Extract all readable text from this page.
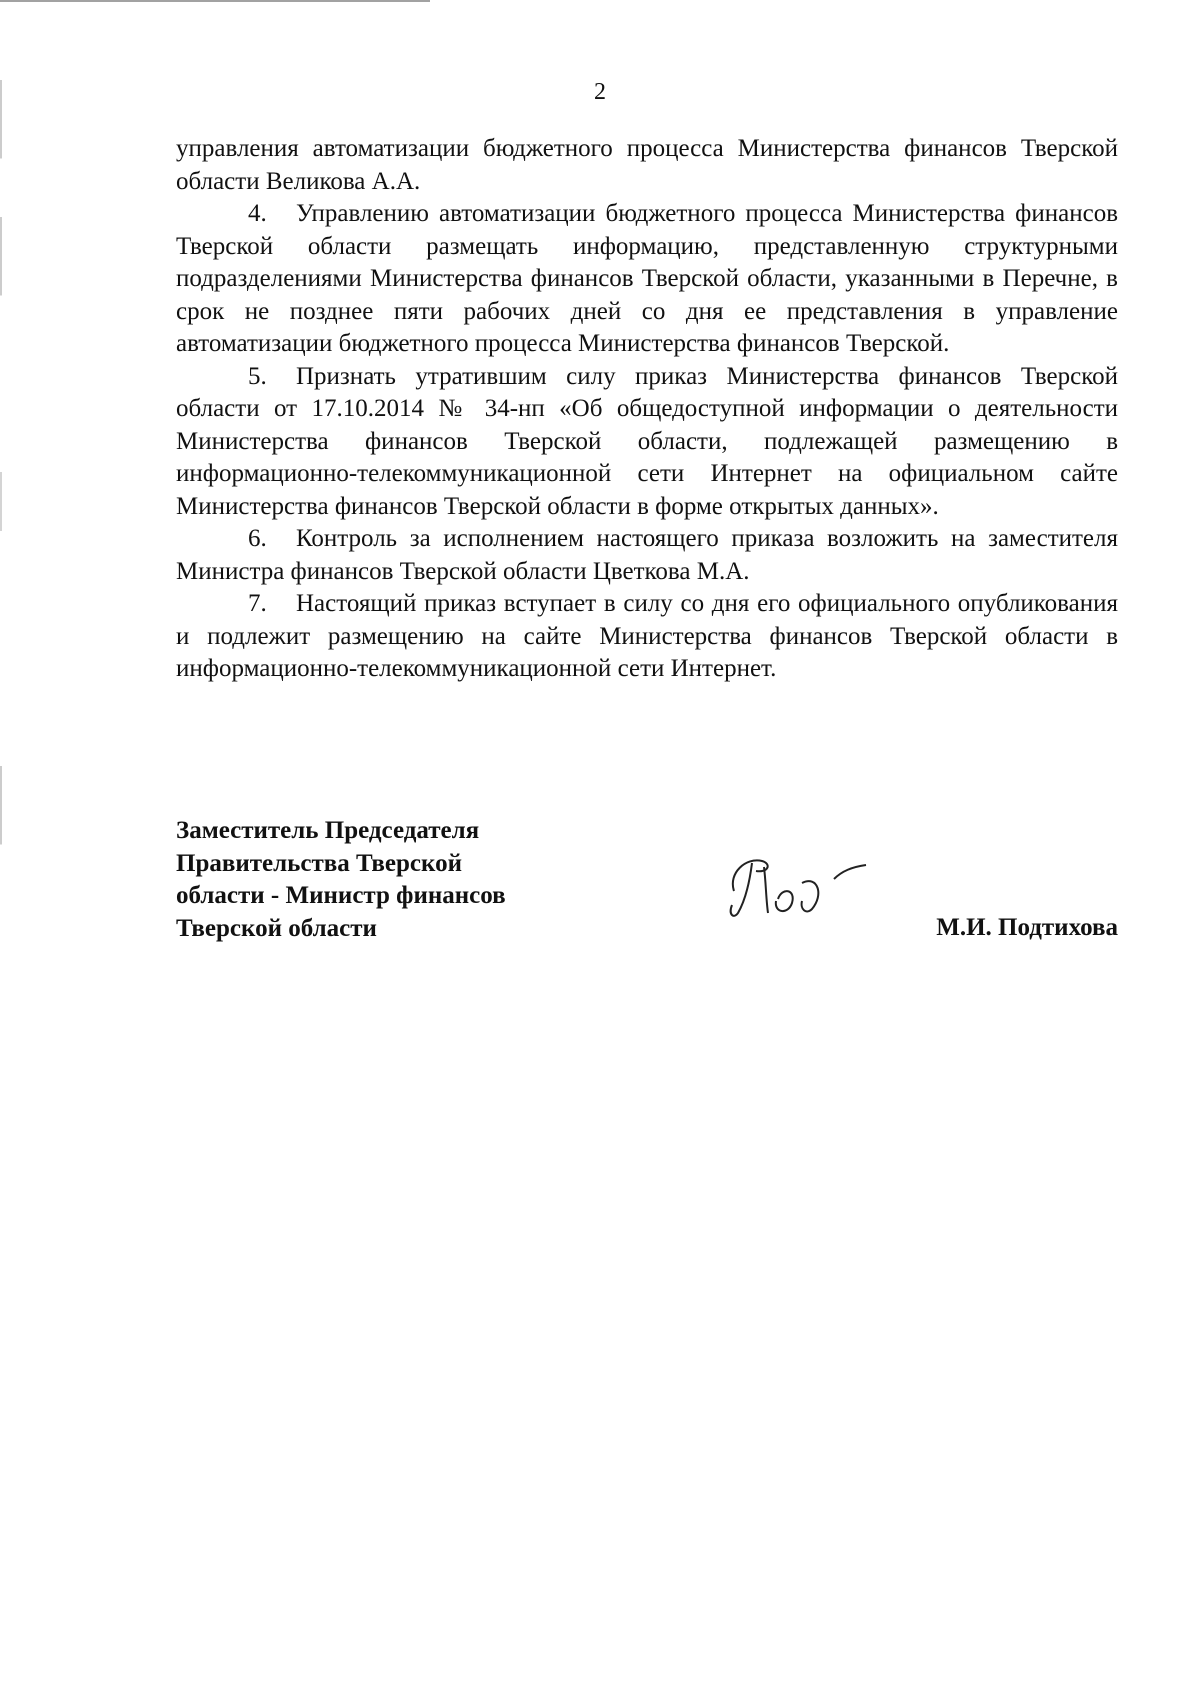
2

управления автоматизации бюджетного процесса Министерства финансов Тверской области Великова А.А.

4. Управлению автоматизации бюджетного процесса Министерства финансов Тверской области размещать информацию, представленную структурными подразделениями Министерства финансов Тверской области, указанными в Перечне, в срок не позднее пяти рабочих дней со дня ее представления в управление автоматизации бюджетного процесса Министерства финансов Тверской.

5. Признать утратившим силу приказ Министерства финансов Тверской области от 17.10.2014 № 34-нп «Об общедоступной информации о деятельности Министерства финансов Тверской области, подлежащей размещению в информационно-телекоммуникационной сети Интернет на официальном сайте Министерства финансов Тверской области в форме открытых данных».

6. Контроль за исполнением настоящего приказа возложить на заместителя Министра финансов Тверской области Цветкова М.А.

7. Настоящий приказ вступает в силу со дня его официального опубликования и подлежит размещению на сайте Министерства финансов Тверской области в информационно-телекоммуникационной сети Интернет.

Заместитель Председателя
Правительства Тверской
области - Министр финансов
Тверской области	М.И. Подтихова
